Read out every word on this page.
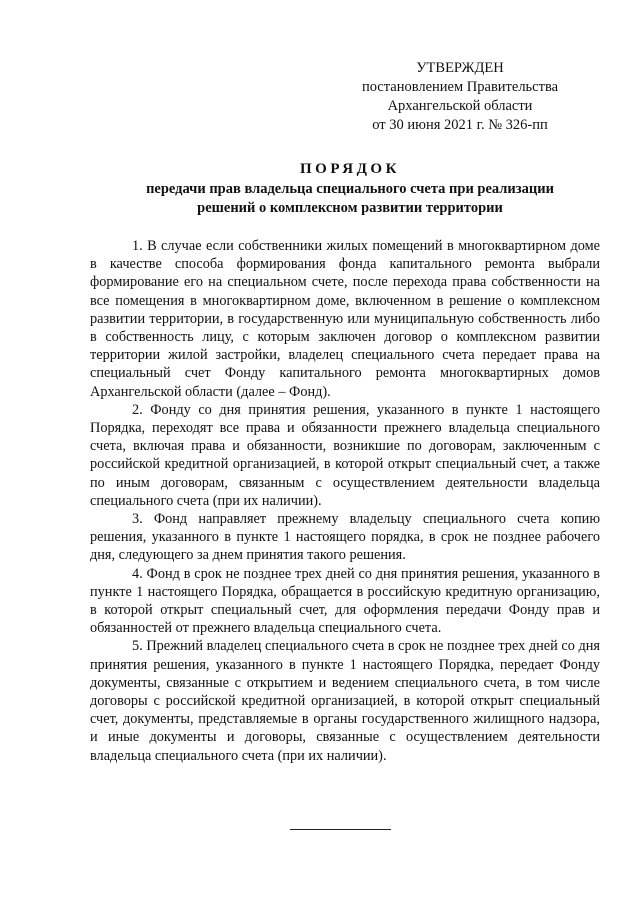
УТВЕРЖДЕН
постановлением Правительства
Архангельской области
от 30 июня 2021 г. № 326-пп
ПОРЯДОК
передачи прав владельца специального счета при реализации
решений о комплексном развитии территории

1. В случае если собственники жилых помещений в многоквартирном доме в качестве способа формирования фонда капитального ремонта выбрали формирование его на специальном счете, после перехода права собственности на все помещения в многоквартирном доме, включенном в решение о комплексном развитии территории, в государственную или муниципальную собственность либо в собственность лицу, с которым заключен договор о комплексном развитии территории жилой застройки, владелец специального счета передает права на специальный счет Фонду капитального ремонта многоквартирных домов Архангельской области (далее – Фонд).

2. Фонду со дня принятия решения, указанного в пункте 1 настоящего Порядка, переходят все права и обязанности прежнего владельца специального счета, включая права и обязанности, возникшие по договорам, заключенным с российской кредитной организацией, в которой открыт специальный счет, а также по иным договорам, связанным с осуществлением деятельности владельца специального счета (при их наличии).

3. Фонд направляет прежнему владельцу специального счета копию решения, указанного в пункте 1 настоящего порядка, в срок не позднее рабочего дня, следующего за днем принятия такого решения.

4. Фонд в срок не позднее трех дней со дня принятия решения, указанного в пункте 1 настоящего Порядка, обращается в российскую кредитную организацию, в которой открыт специальный счет, для оформления передачи Фонду прав и обязанностей от прежнего владельца специального счета.

5. Прежний владелец специального счета в срок не позднее трех дней со дня принятия решения, указанного в пункте 1 настоящего Порядка, передает Фонду документы, связанные с открытием и ведением специального счета, в том числе договоры с российской кредитной организацией, в которой открыт специальный счет, документы, представляемые в органы государственного жилищного надзора, и иные документы и договоры, связанные с осуществлением деятельности владельца специального счета (при их наличии).
